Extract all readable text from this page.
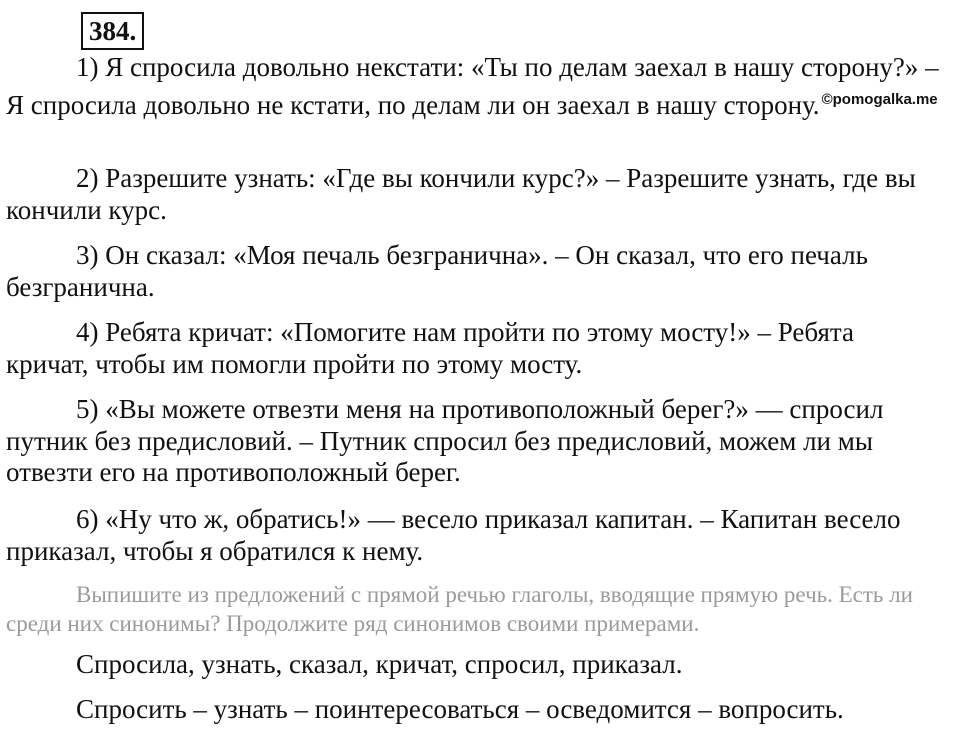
384.

1) Я спросила довольно некстати: «Ты по делам заехал в нашу сторону?» – Я спросила довольно не кстати, по делам ли он заехал в нашу сторону. $^{©pomogalka.me}$

2) Разрешите узнать: «Где вы кончили курс?» – Разрешите узнать, где вы кончили курс.

3) Он сказал: «Моя печаль безгранична». – Он сказал, что его печаль безгранична.

4) Ребята кричат: «Помогите нам пройти по этому мосту!» – Ребята кричат, чтобы им помогли пройти по этому мосту.

5) «Вы можете отвезти меня на противоположный берег?» — спросил путник без предисловий. – Путник спросил без предисловий, можем ли мы отвезти его на противоположный берег.

6) «Ну что ж, обратись!» — весело приказал капитан. – Капитан весело приказал, чтобы я обратился к нему.

Выпишите из предложений с прямой речью глаголы, вводящие прямую речь. Есть ли среди них синонимы? Продолжите ряд синонимов своими примерами.

Спросила, узнать, сказал, кричат, спросил, приказал.

Спросить – узнать – поинтересоваться – осведомится – вопросить.
